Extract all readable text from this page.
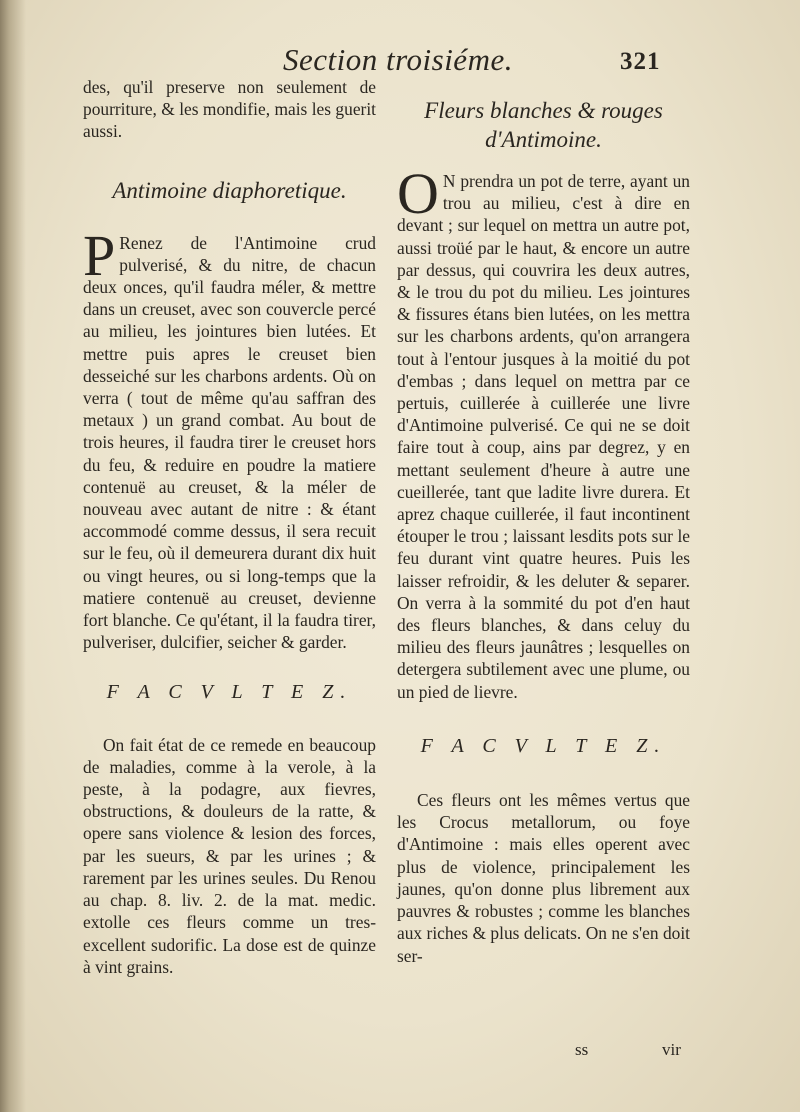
Section troisiéme.	321

des, qu'il preserve non seulement de pourriture, & les mondifie, mais les guerit aussi.

Antimoine diaphoretique.

P Renez de l'Antimoine crud pulverisé, & du nitre, de chacun deux onces, qu'il faudra méler, & mettre dans un creuset, avec son couvercle percé au milieu, les jointures bien lutées. Et mettre puis apres le creuset bien desseiché sur les charbons ardents. Où on verra ( tout de même qu'au saffran des metaux ) un grand combat. Au bout de trois heures, il faudra tirer le creuset hors du feu, & reduire en poudre la matiere contenuë au creuset, & la méler de nouveau avec autant de nitre : & étant accommodé comme dessus, il sera recuit sur le feu, où il demeurera durant dix huit ou vingt heures, ou si long-temps que la matiere contenuë au creuset, devienne fort blanche. Ce qu'étant, il la faudra tirer, pulveriser, dulcifier, seicher & garder.

F A C V L T E Z.

On fait état de ce remede en beaucoup de maladies, comme à la verole, à la peste, à la podagre, aux fievres, obstructions, & douleurs de la ratte, & opere sans violence & lesion des forces, par les sueurs, & par les urines ; & rarement par les urines seules. Du Renou au chap. 8. liv. 2. de la mat. medic. extolle ces fleurs comme un tres-excellent sudorific. La dose est de quinze à vint grains.

Fleurs blanches & rouges
d'Antimoine.

O N prendra un pot de terre, ayant un trou au milieu, c'est à dire en devant ; sur lequel on mettra un autre pot, aussi troüé par le haut, & encore un autre par dessus, qui couvrira les deux autres, & le trou du pot du milieu. Les jointures & fissures étans bien lutées, on les mettra sur les charbons ardents, qu'on arrangera tout à l'entour jusques à la moitié du pot d'embas ; dans lequel on mettra par ce pertuis, cuillerée à cuillerée une livre d'Antimoine pulverisé. Ce qui ne se doit faire tout à coup, ains par degrez, y en mettant seulement d'heure à autre une cueillerée, tant que ladite livre durera. Et aprez chaque cuillerée, il faut incontinent étouper le trou ; laissant lesdits pots sur le feu durant vint quatre heures. Puis les laisser refroidir, & les deluter & separer. On verra à la sommité du pot d'en haut des fleurs blanches, & dans celuy du milieu des fleurs jaunâtres ; lesquelles on detergera subtilement avec une plume, ou un pied de lievre.

F A C V L T E Z.

Ces fleurs ont les mêmes vertus que les Crocus metallorum, ou foye d'Antimoine : mais elles operent avec plus de violence, principalement les jaunes, qu'on donne plus librement aux pauvres & robustes ; comme les blanches aux riches & plus delicats. On ne s'en doit ser-

ss	vir
